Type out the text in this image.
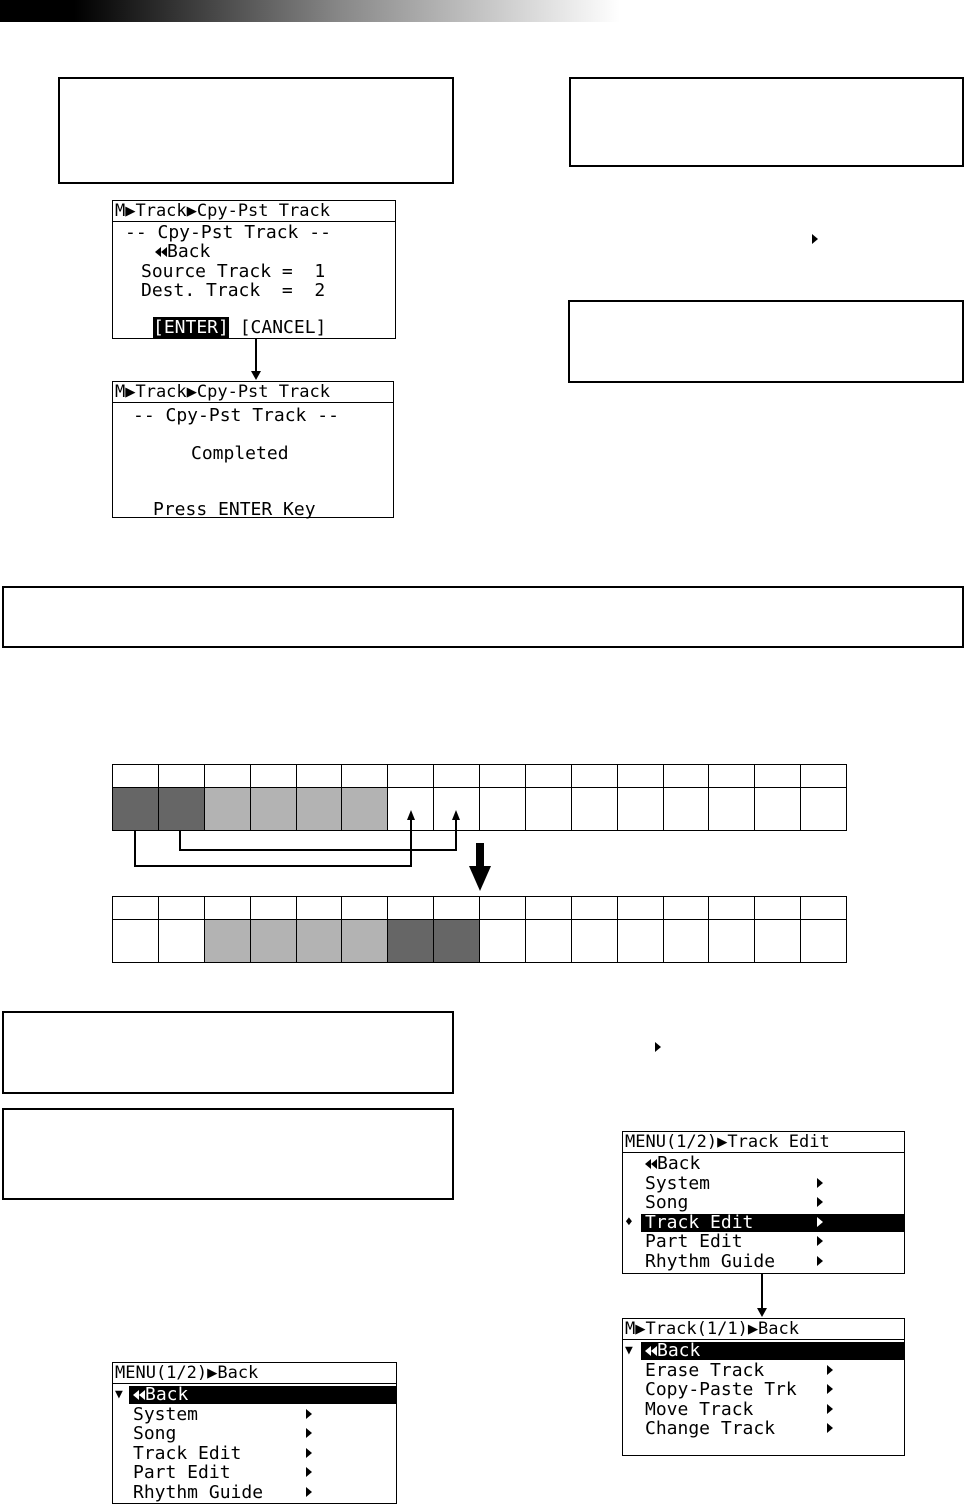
M▶Track▶Cpy-Pst Track
-- Cpy-Pst Track --
Back
Source Track =  1
Dest. Track  =  2
[ENTER] [CANCEL]
M▶Track▶Cpy-Pst Track
-- Cpy-Pst Track --
Completed
Press ENTER Key

MENU(1/2)▶Track Edit
Back
System
Song
♦ Track Edit
Part Edit
Rhythm Guide
M▶Track(1/1)▶Back
▼	Back
Erase Track
Copy-Paste Trk
Move Track
Change Track
MENU(1/2)▶Back
▼	Back
System
Song
Track Edit
Part Edit
Rhythm Guide
